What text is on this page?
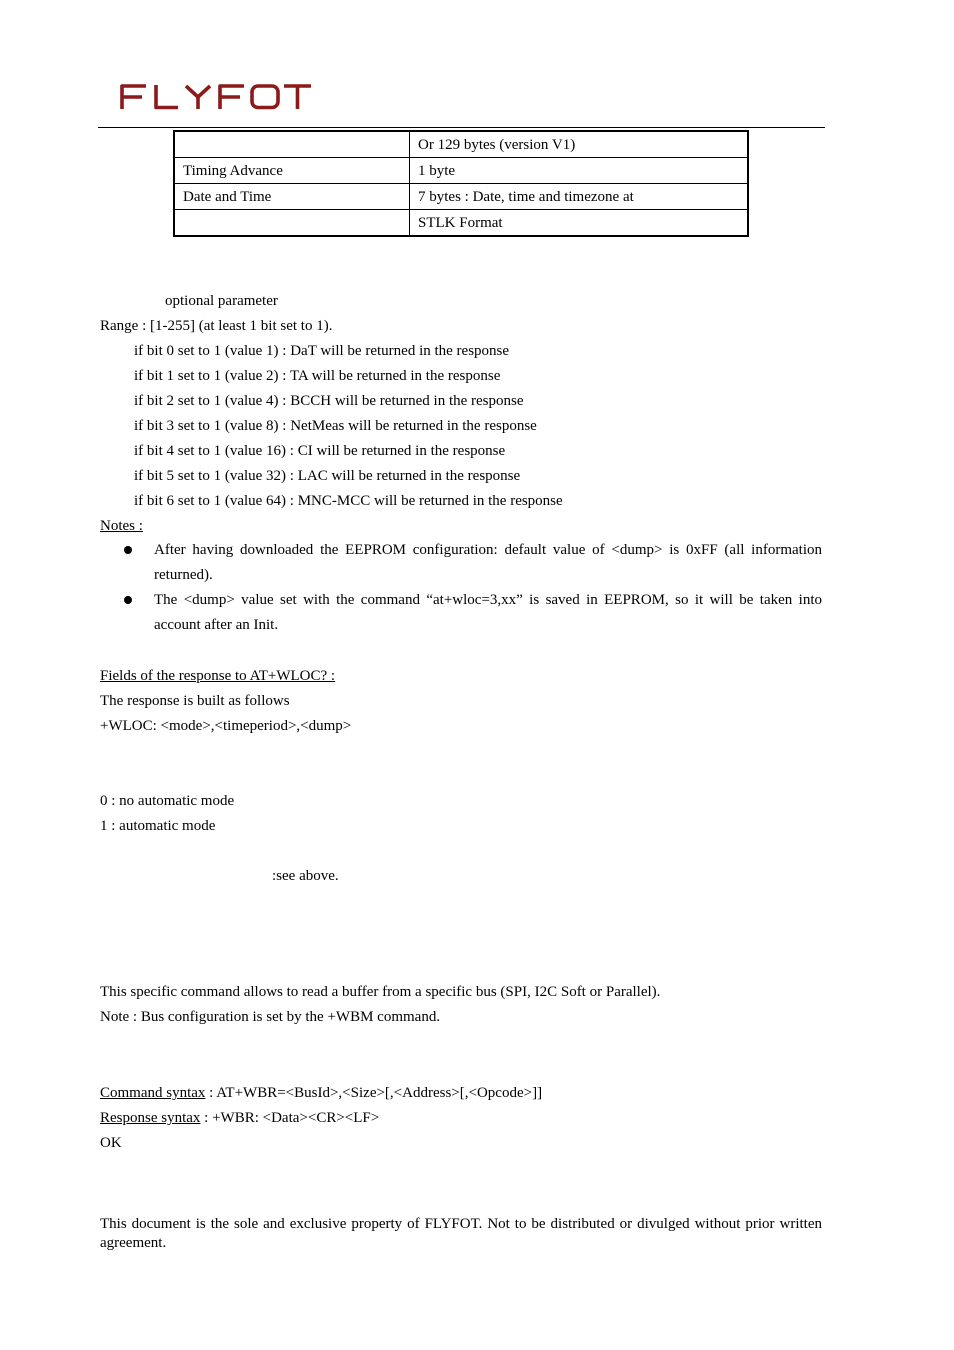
	Or 129 bytes (version V1)
Timing Advance	1 byte
Date and Time	7 bytes : Date, time and timezone at
	STLK Format
optional parameter
Range : [1-255] (at least 1 bit set to 1).
if bit 0 set to 1 (value 1) : DaT will be returned in the response
if bit 1 set to 1 (value 2) : TA will be returned in the response
if bit 2 set to 1 (value 4) : BCCH will be returned in the response
if bit 3 set to 1 (value 8) : NetMeas will be returned in the response
if bit 4 set to 1 (value 16) : CI will be returned in the response
if bit 5 set to 1 (value 32) : LAC will be returned in the response
if bit 6 set to 1 (value 64) : MNC-MCC will be returned in the response
Notes :
After having downloaded the EEPROM configuration: default value of <dump> is 0xFF (all information returned).
The <dump> value set with the command “at+wloc=3,xx” is saved in EEPROM, so it will be taken into account after an Init.
Fields of the response to AT+WLOC? :
The response is built as follows
+WLOC: <mode>,<timeperiod>,<dump>
0 : no automatic mode
1 : automatic mode
:see above.
This specific command allows to read a buffer from a specific bus (SPI, I2C Soft or Parallel).
Note : Bus configuration is set by the +WBM command.
Command syntax : AT+WBR=<BusId>,<Size>[,<Address>[,<Opcode>]]
Response syntax : +WBR: <Data><CR><LF>
OK
This document is the sole and exclusive property of FLYFOT. Not to be distributed or divulged without prior written agreement.
